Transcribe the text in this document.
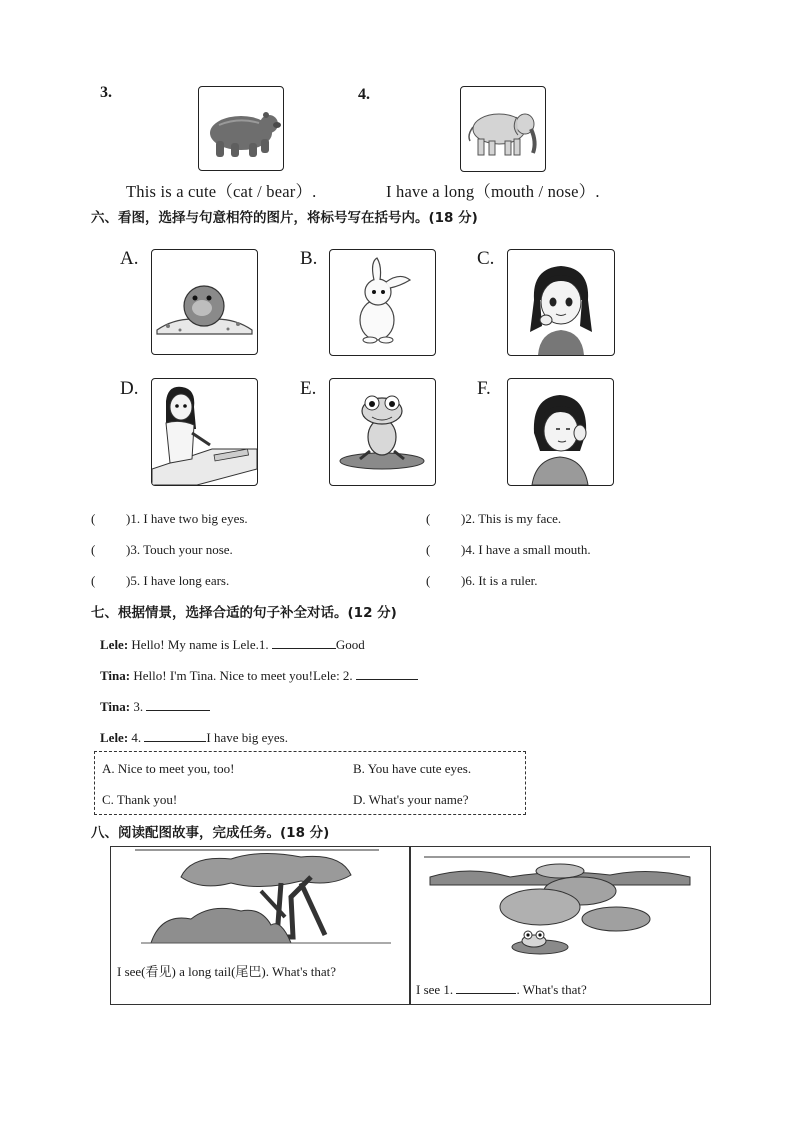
3.	4.
This is a cute（cat / bear）.	I have a long（mouth / nose）.
六、看图，选择与句意相符的图片，将标号写在括号内。(18 分)
A.	B.	C.
D.	E.	F.
( )1. I have two big eyes.	( )2. This is my face.
( )3. Touch your nose.	( )4. I have a small mouth.
( )5. I have long ears.	( )6. It is a ruler.
七、根据情景，选择合适的句子补全对话。(12 分)
Lele: Hello! My name is Lele.1.	Good
Tina: Hello! I'm Tina. Nice to meet you!Lele: 2.
Tina: 3.
Lele: 4.	I have big eyes.
A. Nice to meet you, too!	B. You have cute eyes.
C. Thank you!	D. What's your name?
八、阅读配图故事，完成任务。(18 分)
I see(看见) a long tail(尾巴). What's that?
I see 1.	. What's that?
